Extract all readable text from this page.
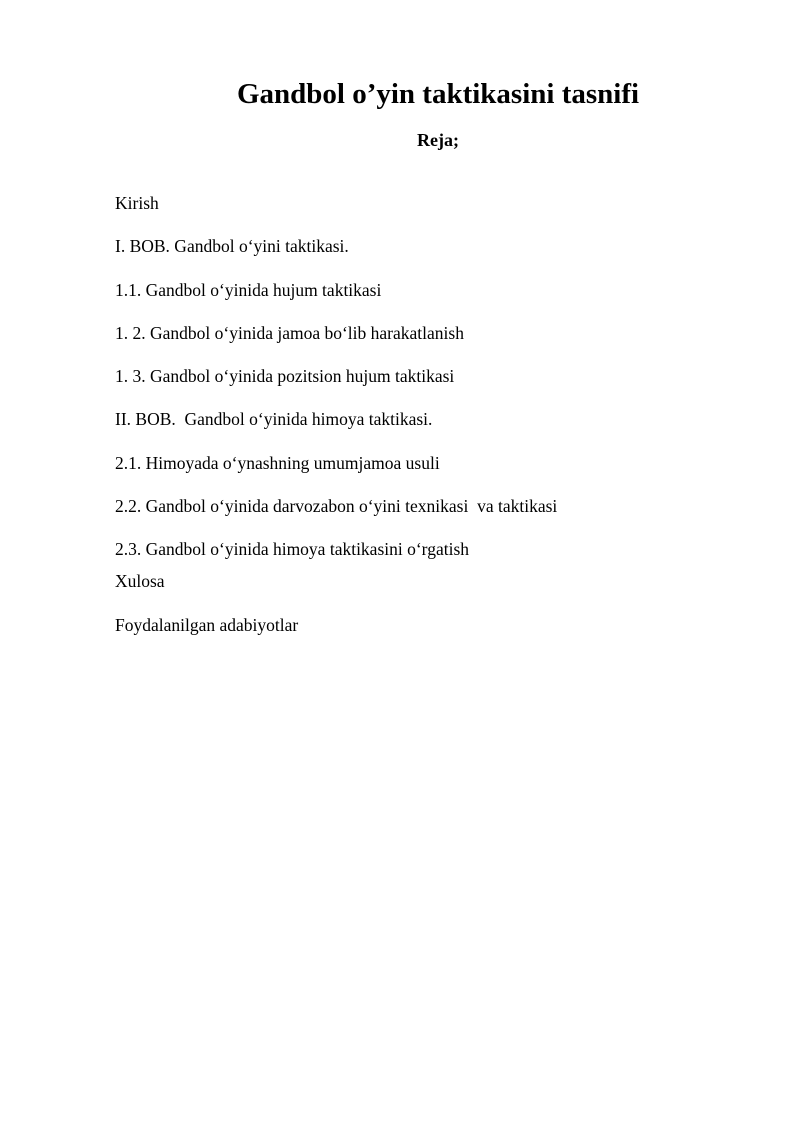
Gandbol o’yin taktikasini tasnifi
Reja;
Kirish
I. BOB. Gandbol o‘yini taktikasi.
1.1. Gandbol o‘yinida hujum taktikasi
1. 2. Gandbol o‘yinida jamoa bo‘lib harakatlanish
1. 3. Gandbol o‘yinida pozitsion hujum taktikasi
II. BOB.  Gandbol o‘yinida himoya taktikasi.
2.1. Himoyada o‘ynashning umumjamoa usuli
2.2. Gandbol o‘yinida darvozabon o‘yini texnikasi  va taktikasi
2.3. Gandbol o‘yinida himoya taktikasini o‘rgatish
Xulosa
Foydalanilgan adabiyotlar
